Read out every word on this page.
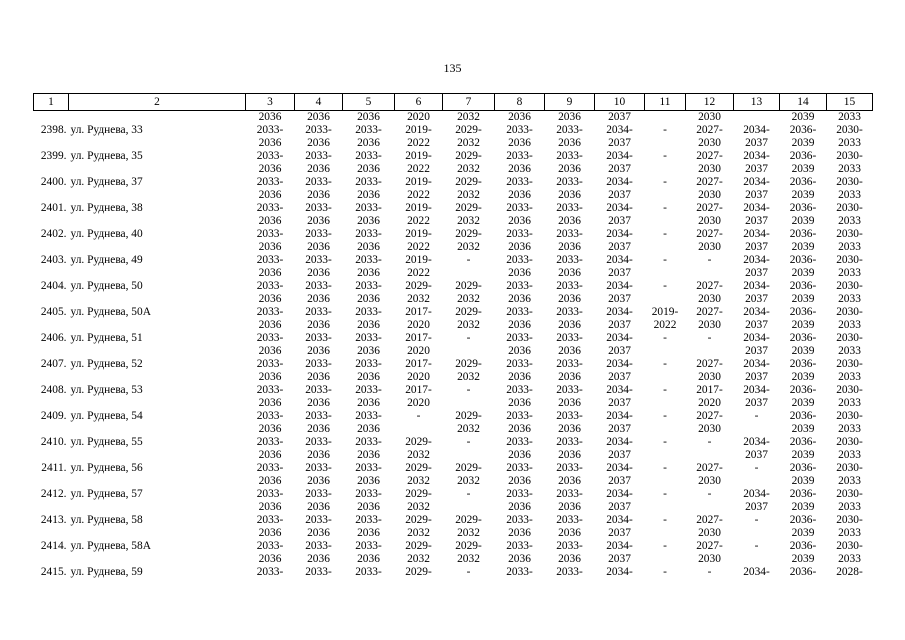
135
1	2	3	4	5	6	7	8	9	10	11	12	13	14	15
		2036	2036	2036	2020	2032	2036	2036	2037		2030		2039	2033
2398.	ул. Руднева, 33	2033-	2033-	2033-	2019-	2029-	2033-	2033-	2034-	-	2027-	2034-	2036-	2030-
		2036	2036	2036	2022	2032	2036	2036	2037		2030	2037	2039	2033
2399.	ул. Руднева, 35	2033-	2033-	2033-	2019-	2029-	2033-	2033-	2034-	-	2027-	2034-	2036-	2030-
		2036	2036	2036	2022	2032	2036	2036	2037		2030	2037	2039	2033
2400.	ул. Руднева, 37	2033-	2033-	2033-	2019-	2029-	2033-	2033-	2034-	-	2027-	2034-	2036-	2030-
		2036	2036	2036	2022	2032	2036	2036	2037		2030	2037	2039	2033
2401.	ул. Руднева, 38	2033-	2033-	2033-	2019-	2029-	2033-	2033-	2034-	-	2027-	2034-	2036-	2030-
		2036	2036	2036	2022	2032	2036	2036	2037		2030	2037	2039	2033
2402.	ул. Руднева, 40	2033-	2033-	2033-	2019-	2029-	2033-	2033-	2034-	-	2027-	2034-	2036-	2030-
		2036	2036	2036	2022	2032	2036	2036	2037		2030	2037	2039	2033
2403.	ул. Руднева, 49	2033-	2033-	2033-	2019-	-	2033-	2033-	2034-	-	-	2034-	2036-	2030-
		2036	2036	2036	2022		2036	2036	2037			2037	2039	2033
2404.	ул. Руднева, 50	2033-	2033-	2033-	2029-	2029-	2033-	2033-	2034-	-	2027-	2034-	2036-	2030-
		2036	2036	2036	2032	2032	2036	2036	2037		2030	2037	2039	2033
2405.	ул. Руднева, 50А	2033-	2033-	2033-	2017-	2029-	2033-	2033-	2034-	2019-	2027-	2034-	2036-	2030-
		2036	2036	2036	2020	2032	2036	2036	2037	2022	2030	2037	2039	2033
2406.	ул. Руднева, 51	2033-	2033-	2033-	2017-	-	2033-	2033-	2034-	-	-	2034-	2036-	2030-
		2036	2036	2036	2020		2036	2036	2037			2037	2039	2033
2407.	ул. Руднева, 52	2033-	2033-	2033-	2017-	2029-	2033-	2033-	2034-	-	2027-	2034-	2036-	2030-
		2036	2036	2036	2020	2032	2036	2036	2037		2030	2037	2039	2033
2408.	ул. Руднева, 53	2033-	2033-	2033-	2017-	-	2033-	2033-	2034-	-	2017-	2034-	2036-	2030-
		2036	2036	2036	2020		2036	2036	2037		2020	2037	2039	2033
2409.	ул. Руднева, 54	2033-	2033-	2033-	-	2029-	2033-	2033-	2034-	-	2027-	-	2036-	2030-
		2036	2036	2036		2032	2036	2036	2037		2030		2039	2033
2410.	ул. Руднева, 55	2033-	2033-	2033-	2029-	-	2033-	2033-	2034-	-	-	2034-	2036-	2030-
		2036	2036	2036	2032		2036	2036	2037			2037	2039	2033
2411.	ул. Руднева, 56	2033-	2033-	2033-	2029-	2029-	2033-	2033-	2034-	-	2027-	-	2036-	2030-
		2036	2036	2036	2032	2032	2036	2036	2037		2030		2039	2033
2412.	ул. Руднева, 57	2033-	2033-	2033-	2029-	-	2033-	2033-	2034-	-	-	2034-	2036-	2030-
		2036	2036	2036	2032		2036	2036	2037			2037	2039	2033
2413.	ул. Руднева, 58	2033-	2033-	2033-	2029-	2029-	2033-	2033-	2034-	-	2027-	-	2036-	2030-
		2036	2036	2036	2032	2032	2036	2036	2037		2030		2039	2033
2414.	ул. Руднева, 58А	2033-	2033-	2033-	2029-	2029-	2033-	2033-	2034-	-	2027-	-	2036-	2030-
		2036	2036	2036	2032	2032	2036	2036	2037		2030		2039	2033
2415.	ул. Руднева, 59	2033-	2033-	2033-	2029-	-	2033-	2033-	2034-	-	-	2034-	2036-	2028-
